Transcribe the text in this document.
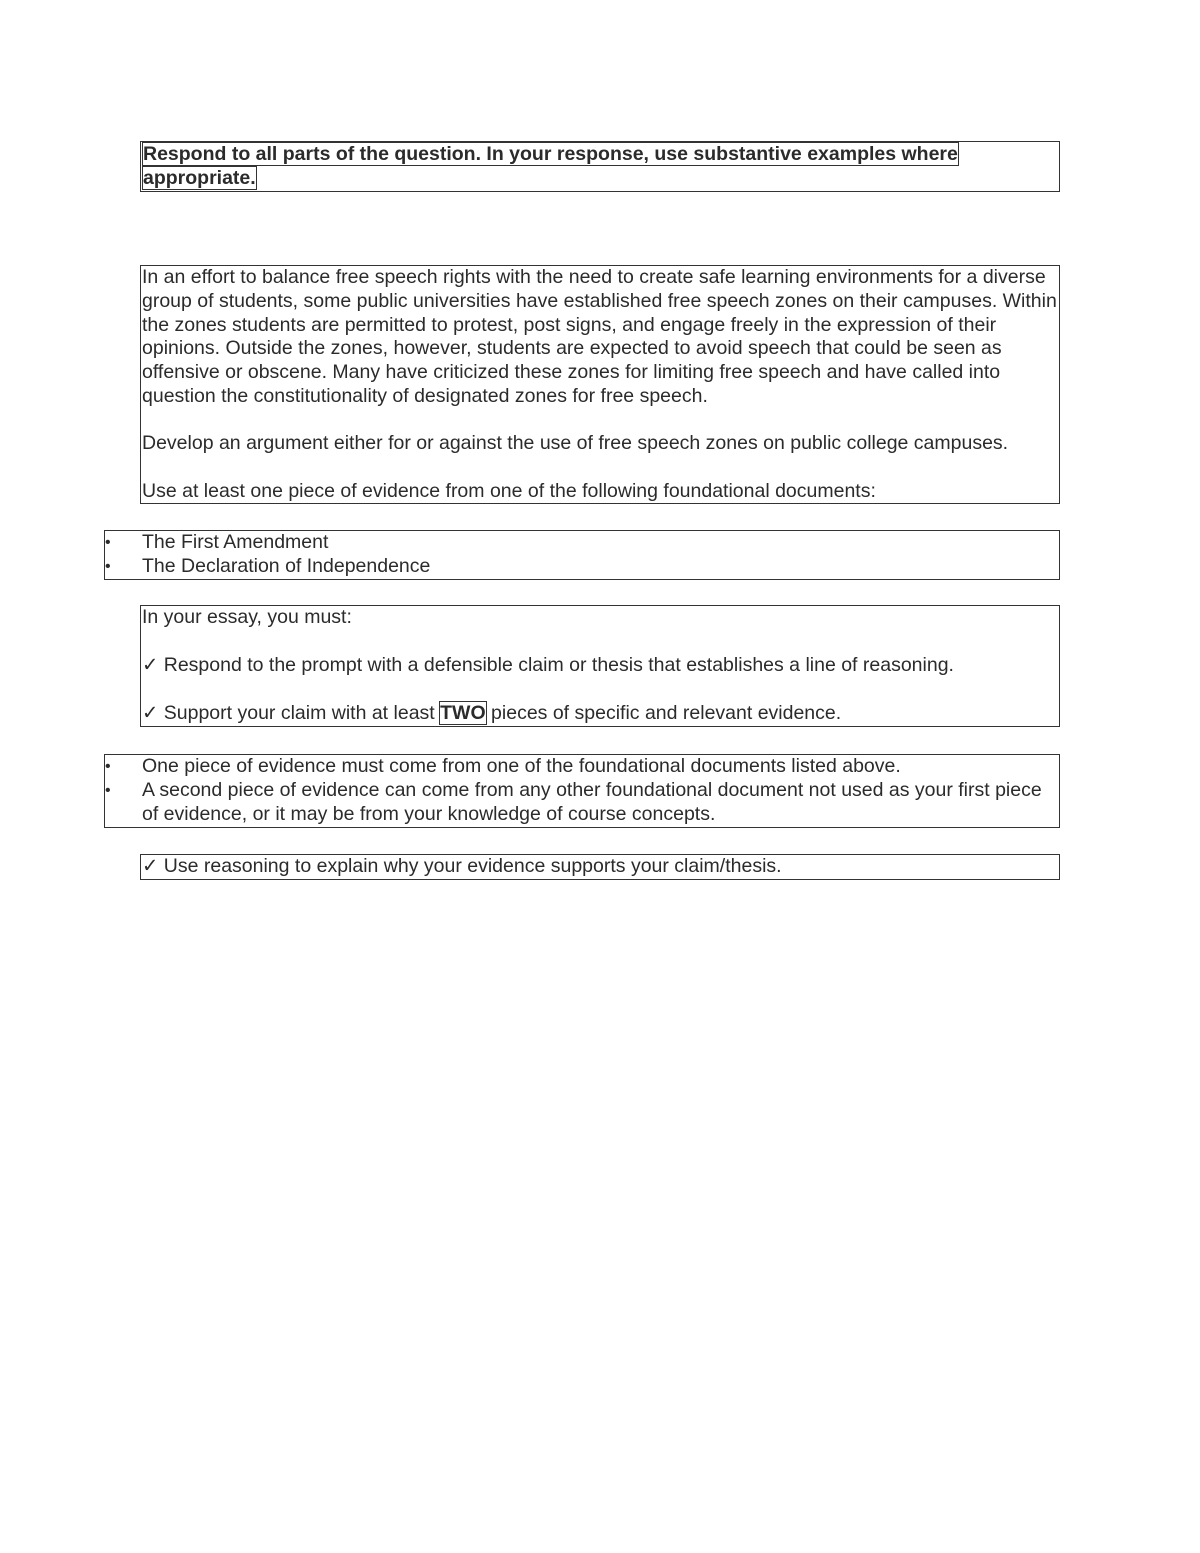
Respond to all parts of the question. In your response, use substantive examples where
appropriate.

In an effort to balance free speech rights with the need to create safe learning environments for a diverse group of students, some public universities have established free speech zones on their campuses. Within the zones students are permitted to protest, post signs, and engage freely in the expression of their opinions. Outside the zones, however, students are expected to avoid speech that could be seen as offensive or obscene. Many have criticized these zones for limiting free speech and have called into question the constitutionality of designated zones for free speech.

Develop an argument either for or against the use of free speech zones on public college campuses.

Use at least one piece of evidence from one of the following foundational documents:

•	The First Amendment
•	The Declaration of Independence

In your essay, you must:

✓ Respond to the prompt with a defensible claim or thesis that establishes a line of reasoning.

✓ Support your claim with at least TWO pieces of specific and relevant evidence.

•	One piece of evidence must come from one of the foundational documents listed above.
•	A second piece of evidence can come from any other foundational document not used as your first piece of evidence, or it may be from your knowledge of course concepts.
✓ Use reasoning to explain why your evidence supports your claim/thesis.
